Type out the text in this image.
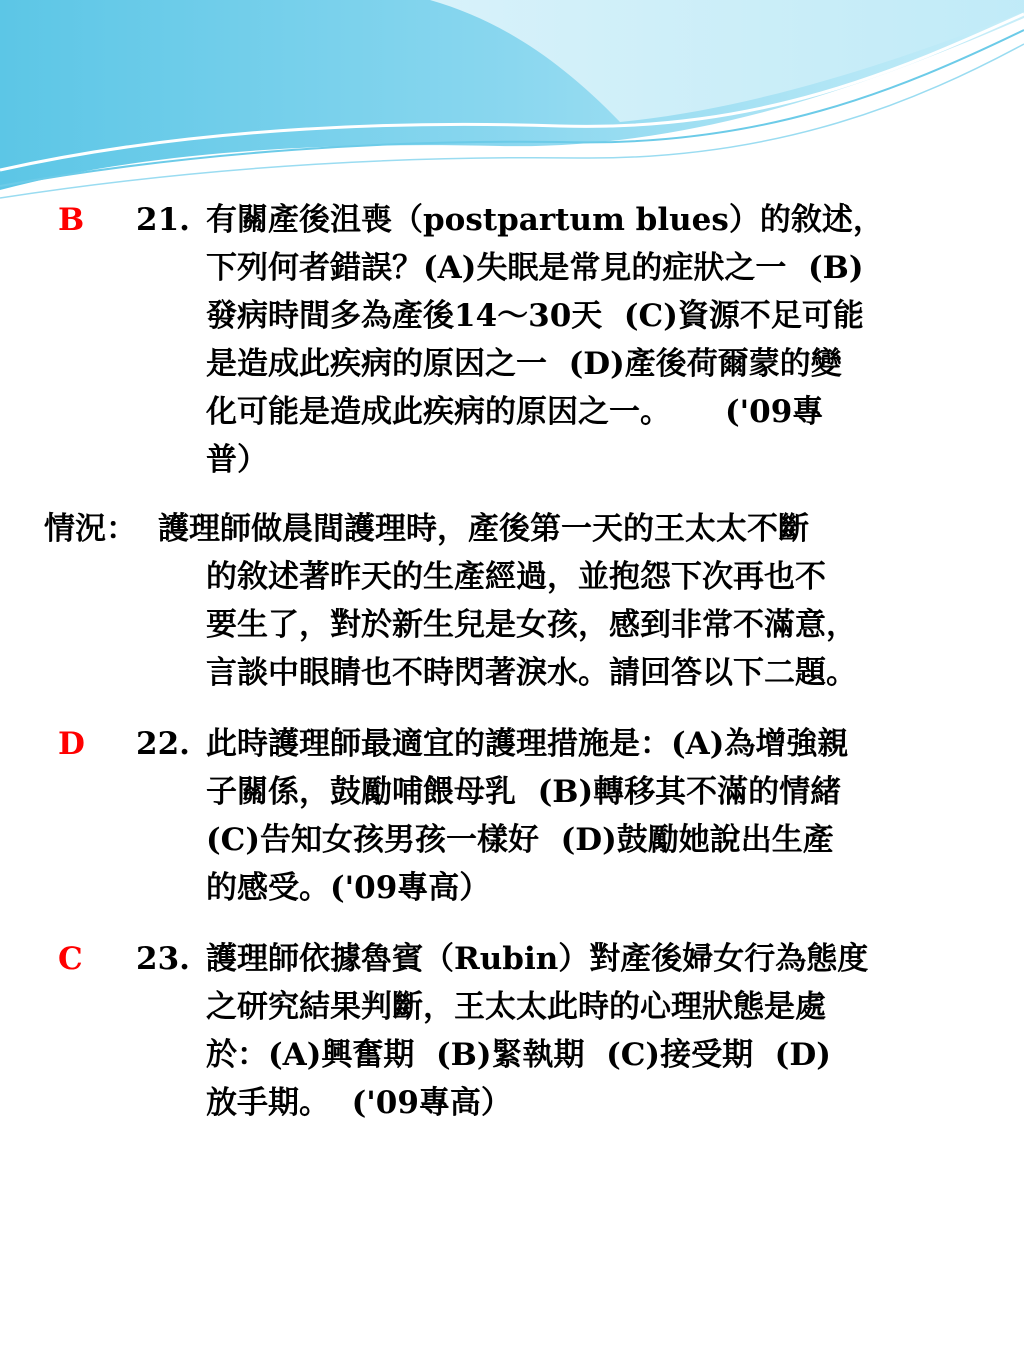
B 21. 有關產後沮喪（postpartum blues）的敘述，
下列何者錯誤？(A)失眠是常見的症狀之一  (B)
發病時間多為產後14～30天  (C)資源不足可能
是造成此疾病的原因之一  (D)產後荷爾蒙的變
化可能是造成此疾病的原因之一。     ('09專
普）
情況： 護理師做晨間護理時，產後第一天的王太太不斷
的敘述著昨天的生產經過，並抱怨下次再也不
要生了，對於新生兒是女孩，感到非常不滿意，
言談中眼睛也不時閃著淚水。請回答以下二題。
D 22. 此時護理師最適宜的護理措施是：(A)為增強親
子關係，鼓勵哺餵母乳  (B)轉移其不滿的情緒
(C)告知女孩男孩一樣好  (D)鼓勵她說出生產
的感受。('09專高）
C 23. 護理師依據魯賓（Rubin）對產後婦女行為態度
之研究結果判斷，王太太此時的心理狀態是處
於：(A)興奮期  (B)緊執期  (C)接受期  (D)
放手期。  ('09專高）
